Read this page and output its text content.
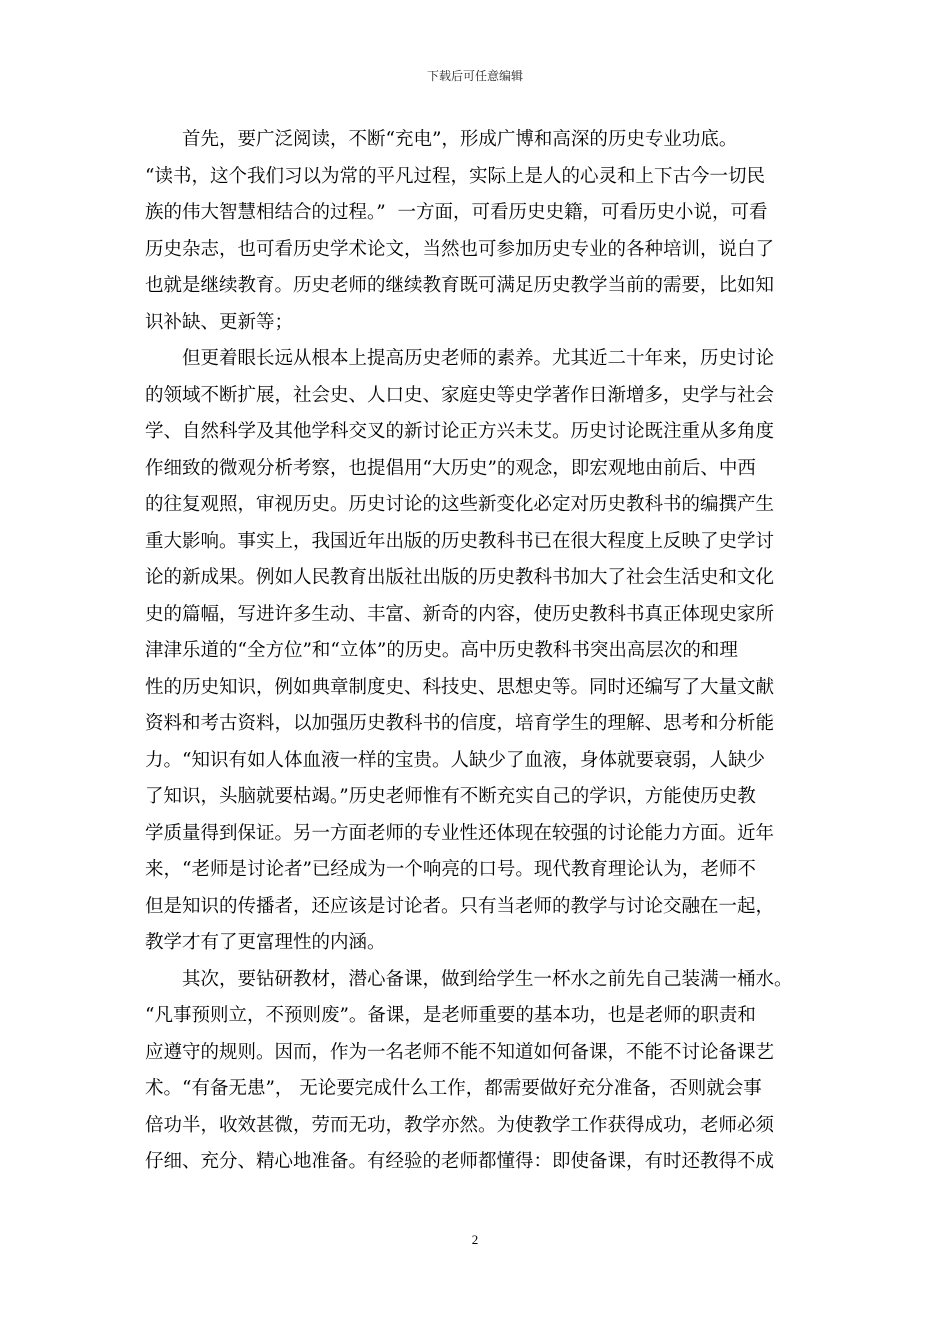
下载后可任意编辑
　　首先，要广泛阅读，不断“充电”，形成广博和高深的历史专业功底。
“读书，这个我们习以为常的平凡过程，实际上是人的心灵和上下古今一切民
族的伟大智慧相结合的过程。”  一方面，可看历史史籍，可看历史小说，可看
历史杂志，也可看历史学术论文，当然也可参加历史专业的各种培训，说白了
也就是继续教育。历史老师的继续教育既可满足历史教学当前的需要，比如知
识补缺、更新等；
　　但更着眼长远从根本上提高历史老师的素养。尤其近二十年来，历史讨论
的领域不断扩展，社会史、人口史、家庭史等史学著作日渐增多，史学与社会
学、自然科学及其他学科交叉的新讨论正方兴未艾。历史讨论既注重从多角度
作细致的微观分析考察，也提倡用“大历史”的观念，即宏观地由前后、中西
的往复观照，审视历史。历史讨论的这些新变化必定对历史教科书的编撰产生
重大影响。事实上，我国近年出版的历史教科书已在很大程度上反映了史学讨
论的新成果。例如人民教育出版社出版的历史教科书加大了社会生活史和文化
史的篇幅，写进许多生动、丰富、新奇的内容，使历史教科书真正体现史家所
津津乐道的“全方位”和“立体”的历史。高中历史教科书突出高层次的和理
性的历史知识，例如典章制度史、科技史、思想史等。同时还编写了大量文献
资料和考古资料，以加强历史教科书的信度，培育学生的理解、思考和分析能
力。“知识有如人体血液一样的宝贵。人缺少了血液，身体就要衰弱，人缺少
了知识，头脑就要枯竭。”历史老师惟有不断充实自己的学识，方能使历史教
学质量得到保证。另一方面老师的专业性还体现在较强的讨论能力方面。近年
来，“老师是讨论者”已经成为一个响亮的口号。现代教育理论认为，老师不
但是知识的传播者，还应该是讨论者。只有当老师的教学与讨论交融在一起，
教学才有了更富理性的内涵。
　　其次，要钻研教材，潜心备课，做到给学生一杯水之前先自己装满一桶水。
“凡事预则立，不预则废”。备课，是老师重要的基本功，也是老师的职责和
应遵守的规则。因而，作为一名老师不能不知道如何备课，不能不讨论备课艺
术。“有备无患”， 无论要完成什么工作，都需要做好充分准备，否则就会事
倍功半，收效甚微，劳而无功，教学亦然。为使教学工作获得成功，老师必须
仔细、充分、精心地准备。有经验的老师都懂得：即使备课，有时还教得不成
2
